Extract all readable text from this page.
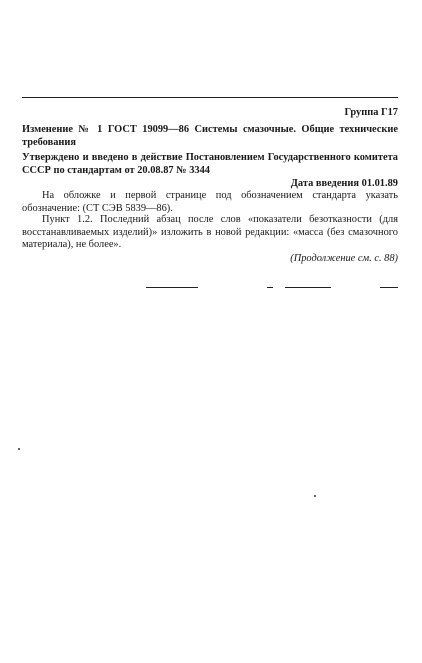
Группа Г17
Изменение № 1 ГОСТ 19099—86 Системы смазочные. Общие технические требования
Утверждено и введено в действие Постановлением Государственного комитета СССР по стандартам от 20.08.87 № 3344
Дата введения 01.01.89
На обложке и первой странице под обозначением стандарта указать обозначение: (СТ СЭВ 5839—86).
Пункт 1.2. Последний абзац после слов «показатели безотказности (для восстанавливаемых изделий)» изложить в новой редакции: «масса (без смазочного материала), не более».
(Продолжение см. с. 88)
